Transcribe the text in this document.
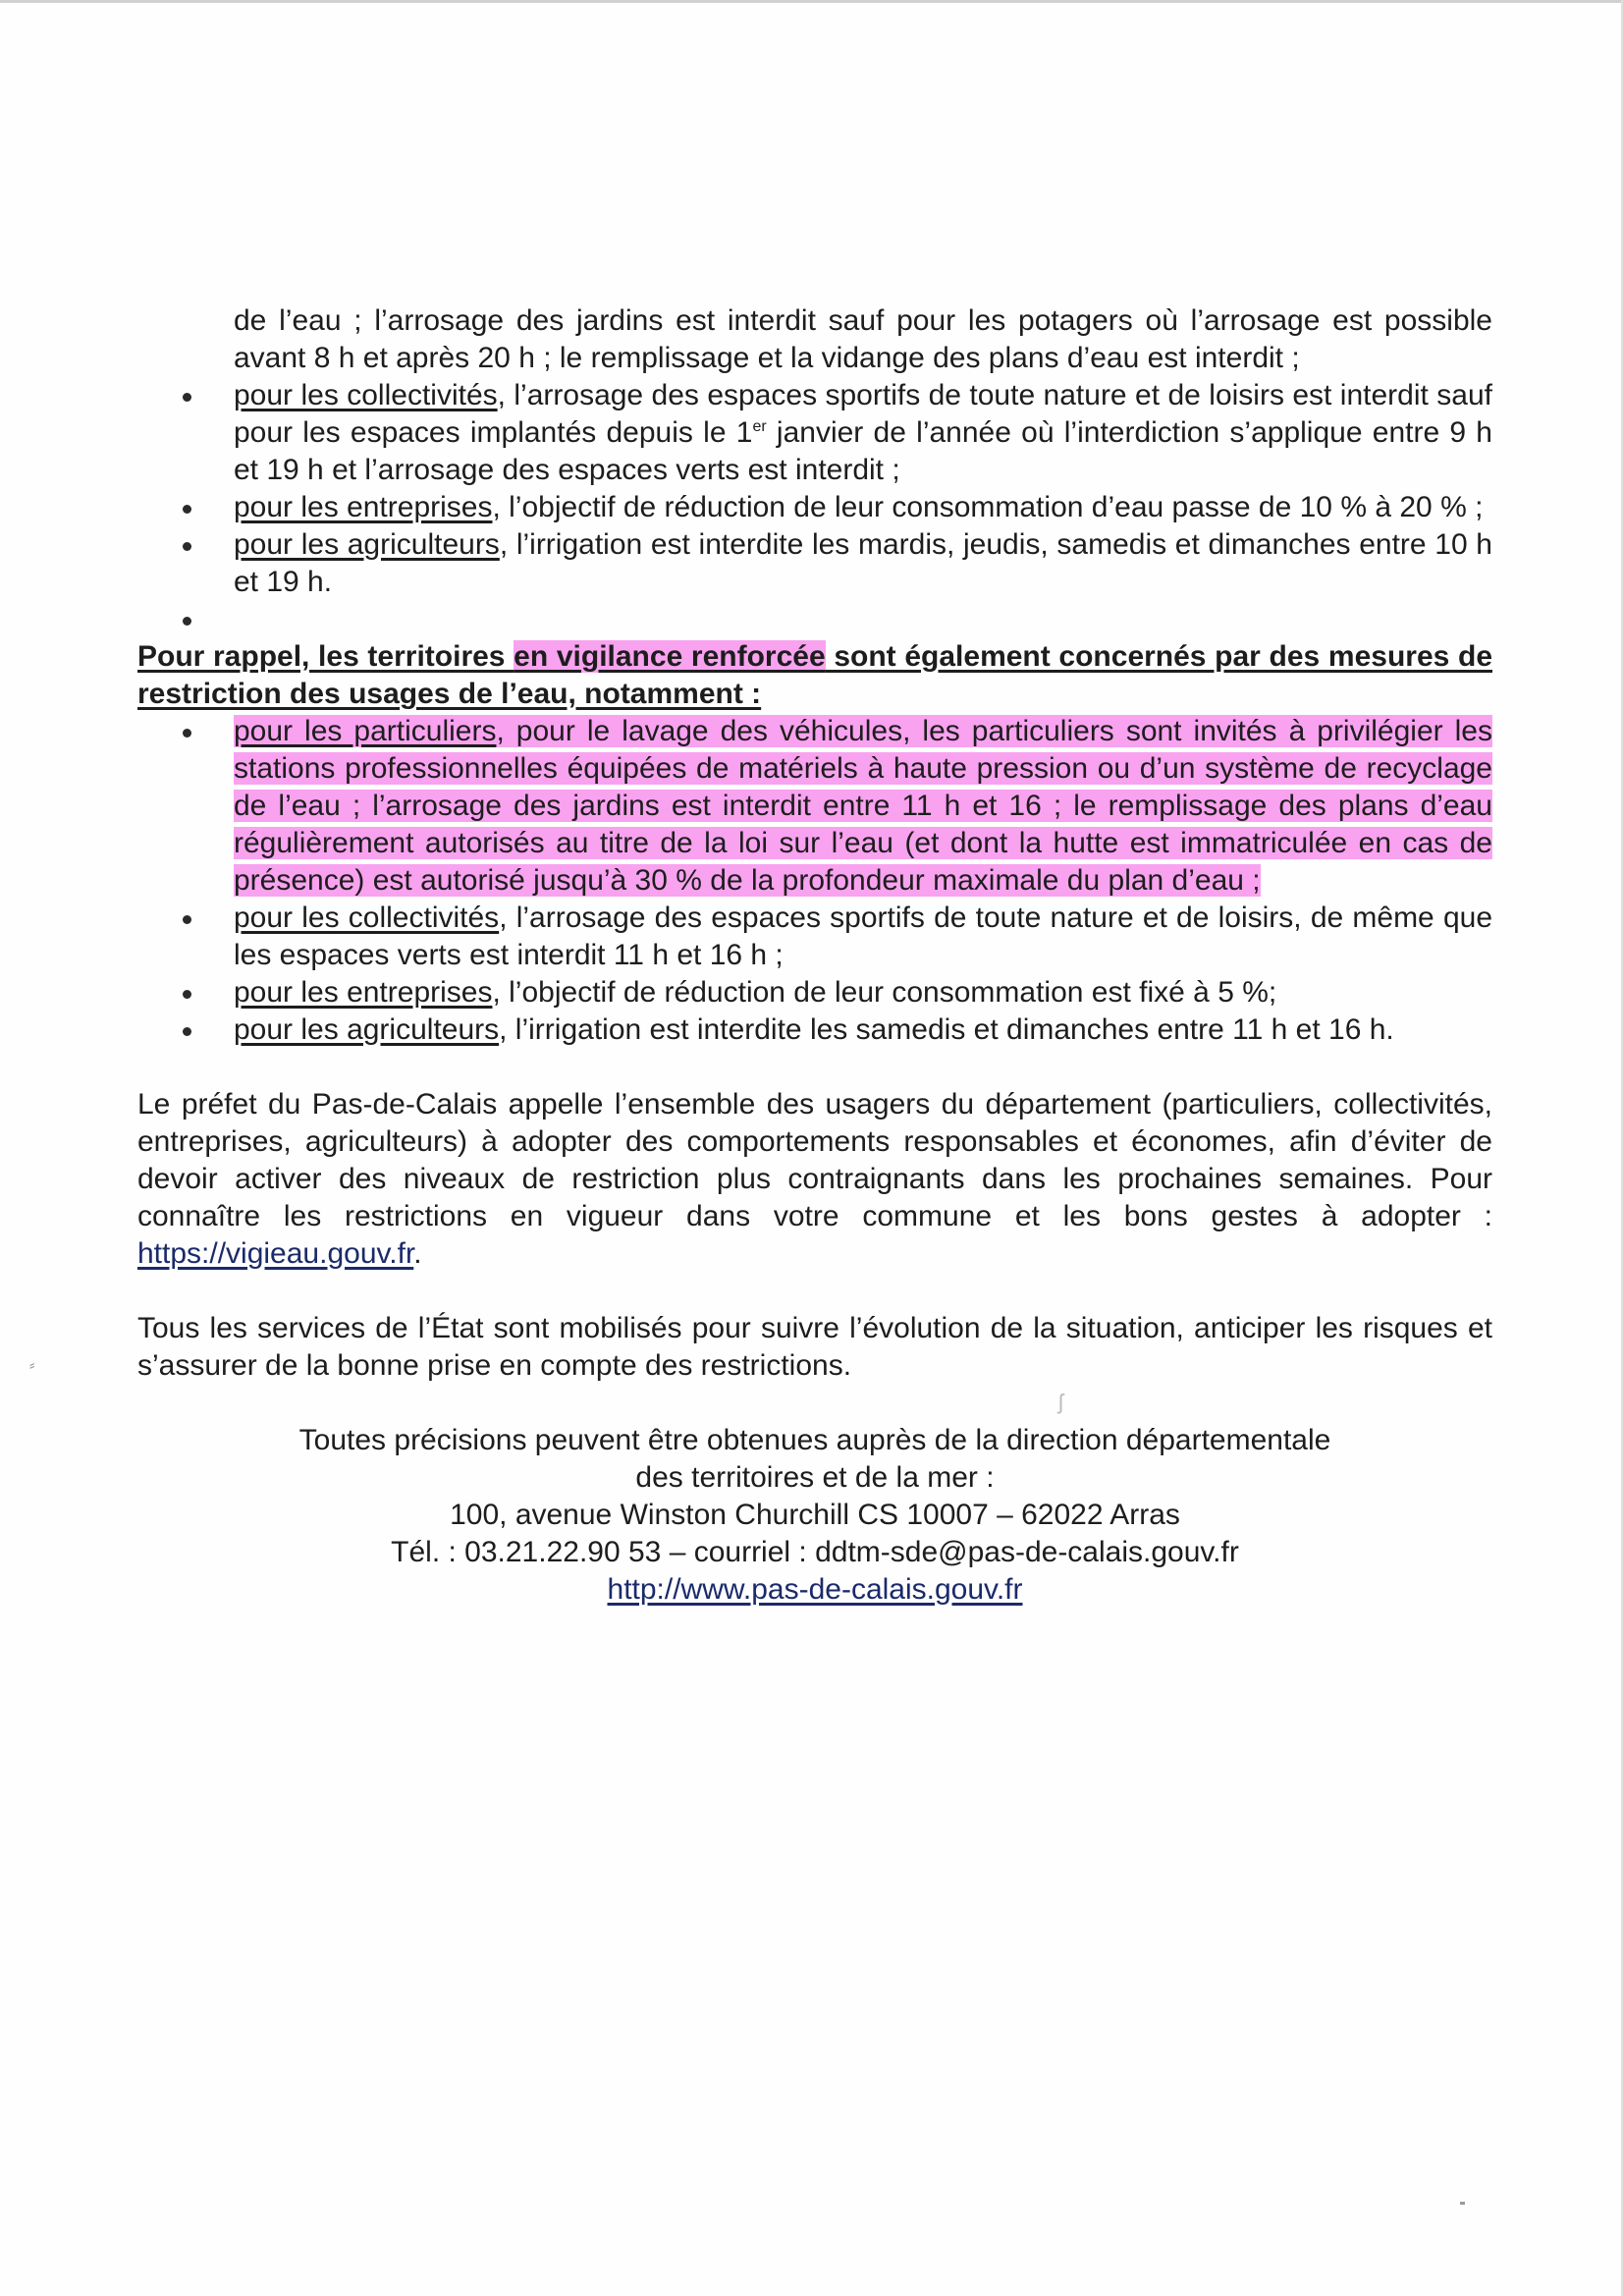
⸗
ʃ
de l’eau ; l’arrosage des jardins est interdit sauf pour les potagers où l’arrosage est possible avant 8 h et après 20 h ; le remplissage et la vidange des plans d’eau est interdit ;
pour les collectivités, l’arrosage des espaces sportifs de toute nature et de loisirs est interdit sauf pour les espaces implantés depuis le 1er janvier de l’année où l’interdiction s’applique entre 9 h et 19 h et l’arrosage des espaces verts est interdit ;
pour les entreprises, l’objectif de réduction de leur consommation d’eau passe de 10 % à 20 % ;
pour les agriculteurs, l’irrigation est interdite les mardis, jeudis, samedis et dimanches entre 10 h et 19 h.
Pour rappel, les territoires en vigilance renforcée sont également concernés par des mesures de restriction des usages de l’eau, notamment :
pour les particuliers, pour le lavage des véhicules, les particuliers sont invités à privilégier les stations professionnelles équipées de matériels à haute pression ou d’un système de recyclage de l’eau ; l’arrosage des jardins est interdit entre 11 h et 16 ; le remplissage des plans d’eau régulièrement autorisés au titre de la loi sur l’eau (et dont la hutte est immatriculée en cas de présence) est autorisé jusqu’à 30 % de la profondeur maximale du plan d’eau ;
pour les collectivités, l’arrosage des espaces sportifs de toute nature et de loisirs, de même que les espaces verts est interdit 11 h et 16 h ;
pour les entreprises, l’objectif de réduction de leur consommation est fixé à 5 %;
pour les agriculteurs, l’irrigation est interdite les samedis et dimanches entre 11 h et 16 h.
Le préfet du Pas-de-Calais appelle l’ensemble des usagers du département (particuliers, collectivités, entreprises, agriculteurs) à adopter des comportements responsables et économes, afin d’éviter de devoir activer des niveaux de restriction plus contraignants dans les prochaines semaines. Pour connaître les restrictions en vigueur dans votre commune et les bons gestes à adopter : https://vigieau.gouv.fr.
Tous les services de l’État sont mobilisés pour suivre l’évolution de la situation, anticiper les risques et s’assurer de la bonne prise en compte des restrictions.
Toutes précisions peuvent être obtenues auprès de la direction départementale
des territoires et de la mer :
100, avenue Winston Churchill CS 10007 – 62022 Arras
Tél. : 03.21.22.90 53 – courriel : ddtm-sde@pas-de-calais.gouv.fr
http://www.pas-de-calais.gouv.fr
